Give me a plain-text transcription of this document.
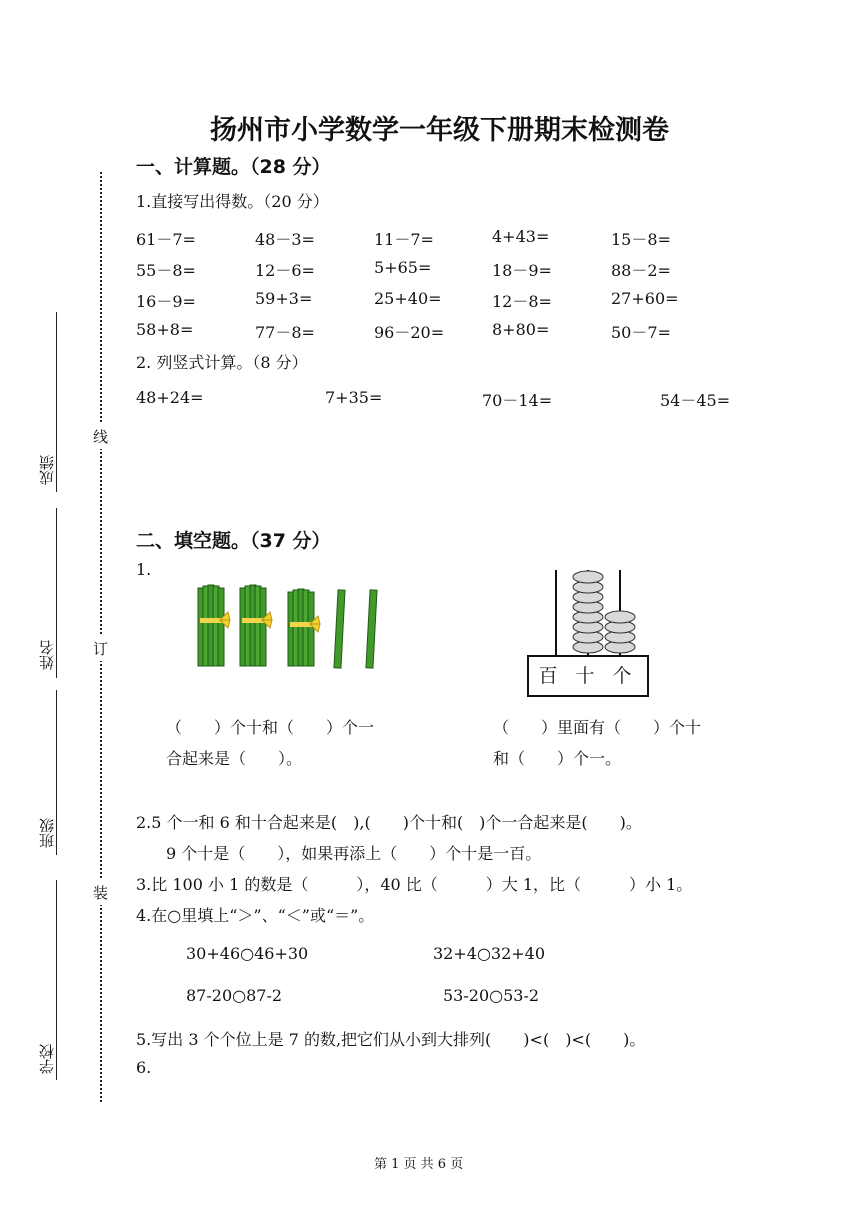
扬州市小学数学一年级下册期末检测卷
线
订
装
成绩
姓名
班级
学校
一、计算题。（28 分）
1.直接写出得数。（20 分）
61－7=	48－3=	11－7=	4+43=	15－8=
55－8=	12－6=	5+65=	18－9=	88－2=
16－9=	59+3=	25+40=	12－8=	27+60=
58+8=	77－8=	96－20=	8+80=	50－7=
2. 列竖式计算。（8 分）
48+24=	7+35=	70－14=	54－45=
二、填空题。（37 分）
1.
百 十 个
（　　）个十和（　　）个一
合起来是（　　）。
（　　）里面有（　　）个十
和（　　）个一。
2.5 个一和 6 和十合起来是(　),(　　)个十和(　)个一合起来是(　　)。
9 个十是（　　），如果再添上（　　）个十是一百。
3.比 100 小 1 的数是（　　　），40 比（　　　）大 1，比（　　　）小 1。
4.在○里填上“＞”、“＜”或“＝”。
30+46○46+30	32+4○32+40
87-20○87-2	53-20○53-2
5.写出 3 个个位上是 7 的数,把它们从小到大排列(　　)<(　)<(　　)。
6.
第 1 页 共 6 页
